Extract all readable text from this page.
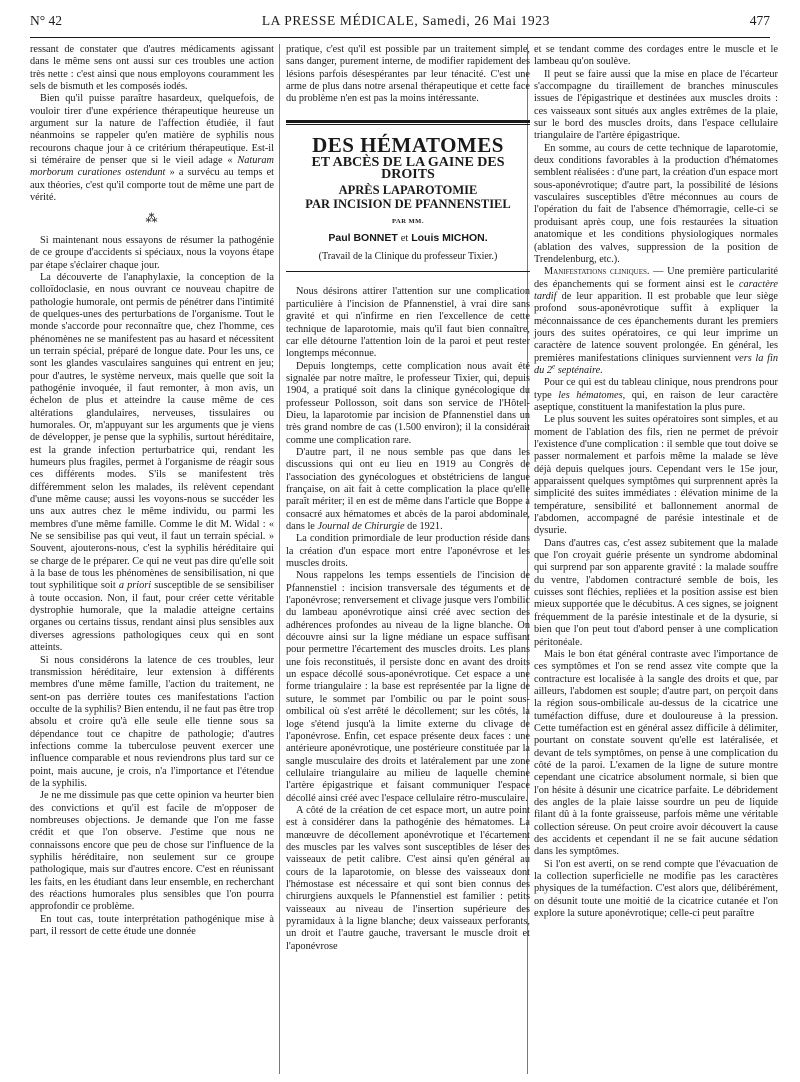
N° 42	LA PRESSE MÉDICALE, Samedi, 26 Mai 1923	477

ressant de constater que d'autres médicaments agissant dans le même sens ont aussi sur ces troubles une action très nette : c'est ainsi que nous employons couramment les sels de bismuth et les composés iodés.

Bien qu'il puisse paraître hasardeux, quelquefois, de vouloir tirer d'une expérience thérapeutique heureuse un argument sur la nature de l'affection étudiée, il faut néanmoins se rappeler qu'en matière de syphilis nous recourons chaque jour à ce critérium thérapeutique. Est-il si téméraire de penser que si le vieil adage « Naturam morborum curationes ostendunt » a survécu au temps et aux théories, c'est qu'il comporte tout de même une part de vérité.

⁂

Si maintenant nous essayons de résumer la pathogénie de ce groupe d'accidents si spéciaux, nous la voyons étape par étape s'éclairer chaque jour.

La découverte de l'anaphylaxie, la conception de la colloïdoclasie, en nous ouvrant ce nouveau chapitre de pathologie humorale, ont permis de pénétrer dans l'intimité de quelques-unes des perturbations de l'organisme. Tout le monde s'accorde pour reconnaître que, chez l'homme, ces phénomènes ne se manifestent pas au hasard et nécessitent un terrain spécial, préparé de longue date. Pour les uns, ce sont les glandes vasculaires sanguines qui entrent en jeu; pour d'autres, le système nerveux, mais quelle que soit la pathogénie invoquée, il faut remonter, à mon avis, un échelon de plus et atteindre la cause même de ces altérations glandulaires, nerveuses, tissulaires ou humorales. Or, m'appuyant sur les arguments que je viens de développer, je pense que la syphilis, surtout héréditaire, est la grande infection perturbatrice qui, rendant les humeurs plus fragiles, permet à l'organisme de réagir sous ces différents modes. S'ils se manifestent très différemment selon les malades, ils relèvent cependant d'une même cause; aussi les voyons-nous se succéder les uns aux autres chez le même individu, ou parmi les membres d'une même famille. Comme le dit M. Widal : « Ne se sensibilise pas qui veut, il faut un terrain spécial. » Souvent, ajouterons-nous, c'est la syphilis héréditaire qui se charge de le préparer. Ce qui ne veut pas dire qu'elle soit à la base de tous les phénomènes de sensibilisation, ni que tout syphilitique soit a priori susceptible de se sensibiliser à toute occasion. Non, il faut, pour créer cette véritable dystrophie humorale, que la maladie atteigne certains organes ou certains tissus, rendant ainsi plus sensibles aux diverses agressions pathologiques ceux qui en sont atteints.

Si nous considérons la latence de ces troubles, leur transmission héréditaire, leur extension à différents membres d'une même famille, l'action du traitement, ne sent-on pas derrière toutes ces manifestations l'action occulte de la syphilis? Bien entendu, il ne faut pas être trop absolu et croire qu'à elle seule elle tienne sous sa dépendance tout ce chapitre de pathologie; d'autres infections comme la tuberculose peuvent exercer une influence comparable et nous reviendrons plus tard sur ce point, mais aucune, je crois, n'a l'importance et l'étendue de la syphilis.

Je ne me dissimule pas que cette opinion va heurter bien des convictions et qu'il est facile de m'opposer de nombreuses objections. Je demande que l'on me fasse crédit et que l'on observe. J'estime que nous ne connaissons encore que peu de chose sur l'influence de la syphilis héréditaire, non seulement sur ce groupe pathologique, mais sur d'autres encore. C'est en réunissant les faits, en les étudiant dans leur ensemble, en recherchant des réactions humorales plus sensibles que l'on pourra approfondir ce problème.

En tout cas, toute interprétation pathogénique mise à part, il ressort de cette étude une donnée

pratique, c'est qu'il est possible par un traitement simple, sans danger, purement interne, de modifier rapidement des lésions parfois désespérantes par leur ténacité. C'est une arme de plus dans notre arsenal thérapeutique et cette face du problème n'en est pas la moins intéressante.

DES HÉMATOMES
ET ABCÈS DE LA GAINE DES DROITS
APRÈS LAPAROTOMIE
PAR INCISION DE PFANNENSTIEL
PAR MM.
Paul BONNET et Louis MICHON.
(Travail de la Clinique du professeur Tixier.)

Nous désirons attirer l'attention sur une complication particulière à l'incision de Pfannenstiel, à vrai dire sans gravité et qui n'infirme en rien l'excellence de cette technique de laparotomie, mais qu'il faut bien connaître, car elle détourne l'attention loin de la paroi et peut rester longtemps méconnue.

Depuis longtemps, cette complication nous avait été signalée par notre maître, le professeur Tixier, qui, depuis 1904, a pratiqué soit dans la clinique gynécologique du professeur Pollosson, soit dans son service de l'Hôtel-Dieu, la laparotomie par incision de Pfannenstiel dans un très grand nombre de cas (1.500 environ); il la considérait comme une complication rare.

D'autre part, il ne nous semble pas que dans les discussions qui ont eu lieu en 1919 au Congrès de l'association des gynécologues et obstétriciens de langue française, on ait fait à cette complication la place qu'elle paraît mériter; il en est de même dans l'article que Boppe a consacré aux hématomes et abcès de la paroi abdominale, dans le Journal de Chirurgie de 1921.

La condition primordiale de leur production réside dans la création d'un espace mort entre l'aponévrose et les muscles droits.

Nous rappelons les temps essentiels de l'incision de Pfannenstiel : incision transversale des téguments et de l'aponévrose; renversement et clivage jusque vers l'ombilic du lambeau aponévrotique ainsi créé avec section des adhérences profondes au niveau de la ligne blanche. On découvre ainsi sur la ligne médiane un espace suffisant pour permettre l'écartement des muscles droits. Les plans une fois reconstitués, il persiste donc en avant des droits un espace décollé sous-aponévrotique. Cet espace a une forme triangulaire : la base est représentée par la ligne de suture, le sommet par l'ombilic ou par le point sous-ombilical où s'est arrêté le décollement; sur les côtés, la loge s'étend jusqu'à la limite externe du clivage de l'aponévrose. Enfin, cet espace présente deux faces : une antérieure aponévrotique, une postérieure constituée par la sangle musculaire des droits et latéralement par une zone cellulaire triangulaire au milieu de laquelle chemine l'artère épigastrique et faisant communiquer l'espace décollé ainsi créé avec l'espace cellulaire rétro-musculaire.

A côté de la création de cet espace mort, un autre point est à considérer dans la pathogénie des hématomes. La manœuvre de décollement aponévrotique et l'écartement des muscles par les valves sont susceptibles de léser des vaisseaux de petit calibre. C'est ainsi qu'en général au cours de la laparotomie, on blesse des vaisseaux dont l'hémostase est nécessaire et qui sont bien connus des chirurgiens auxquels le Pfannenstiel est familier : petits vaisseaux au niveau de l'insertion supérieure des pyramidaux à la ligne blanche; deux vaisseaux perforants, un droit et l'autre gauche, traversant le muscle droit et l'aponévrose

et se tendant comme des cordages entre le muscle et le lambeau qu'on soulève.

Il peut se faire aussi que la mise en place de l'écarteur s'accompagne du tiraillement de branches minuscules issues de l'épigastrique et destinées aux muscles droits : ces vaisseaux sont situés aux angles extrêmes de la plaie, sur le bord des muscles droits, dans l'espace cellulaire triangulaire de l'artère épigastrique.

En somme, au cours de cette technique de laparotomie, deux conditions favorables à la production d'hématomes semblent réalisées : d'une part, la création d'un espace mort sous-aponévrotique; d'autre part, la possibilité de lésions vasculaires susceptibles d'être méconnues au cours de l'opération du fait de l'absence d'hémorragie, celle-ci se produisant après coup, une fois restaurées la situation anatomique et les conditions physiologiques normales (ablation des valves, suppression de la position de Trendelenburg, etc.).

Manifestations cliniques. — Une première particularité des épanchements qui se forment ainsi est le caractère tardif de leur apparition. Il est probable que leur siège profond sous-aponévrotique suffit à expliquer la méconnaissance de ces épanchements durant les premiers jours des suites opératoires, ce qui leur imprime un caractère de latence souvent prolongée. En général, les premières manifestations cliniques surviennent vers la fin du 2e septénaire.

Pour ce qui est du tableau clinique, nous prendrons pour type les hématomes, qui, en raison de leur caractère aseptique, constituent la manifestation la plus pure.

Le plus souvent les suites opératoires sont simples, et au moment de l'ablation des fils, rien ne permet de prévoir l'existence d'une complication : il semble que tout doive se passer normalement et parfois même la malade se lève déjà depuis quelques jours. Cependant vers le 15e jour, apparaissent quelques symptômes qui surprennent après la simplicité des suites immédiates : élévation minime de la température, sensibilité et ballonnement anormal de l'abdomen, accompagné de parésie intestinale et de dysurie.

Dans d'autres cas, c'est assez subitement que la malade que l'on croyait guérie présente un syndrome abdominal qui surprend par son apparente gravité : la malade souffre du ventre, l'abdomen contracturé semble de bois, les cuisses sont fléchies, repliées et la position assise est bien mieux supportée que le décubitus. A ces signes, se joignent fréquemment de la parésie intestinale et de la dysurie, si bien que l'on peut tout d'abord penser à une complication péritonéale.

Mais le bon état général contraste avec l'importance de ces symptômes et l'on se rend assez vite compte que la contracture est localisée à la sangle des droits et que, par ailleurs, l'abdomen est souple; d'autre part, on perçoit dans la région sous-ombilicale au-dessus de la cicatrice une tuméfaction diffuse, dure et douloureuse à la pression. Cette tuméfaction est en général assez difficile à délimiter, pourtant on constate souvent qu'elle est latéralisée, et devant de tels symptômes, on pense à une complication du côté de la paroi. L'examen de la ligne de suture montre cependant une cicatrice absolument normale, si bien que l'on hésite à désunir une cicatrice parfaite. Le débridement des angles de la plaie laisse sourdre un peu de liquide filant dû à la fonte graisseuse, parfois même une véritable collection séreuse. On peut croire avoir découvert la cause des accidents et cependant il ne se fait aucune sédation dans les symptômes.

Si l'on est averti, on se rend compte que l'évacuation de la collection superficielle ne modifie pas les caractères physiques de la tuméfaction. C'est alors que, délibérément, on désunit toute une moitié de la cicatrice cutanée et l'on explore la suture aponévrotique; celle-ci peut paraître
